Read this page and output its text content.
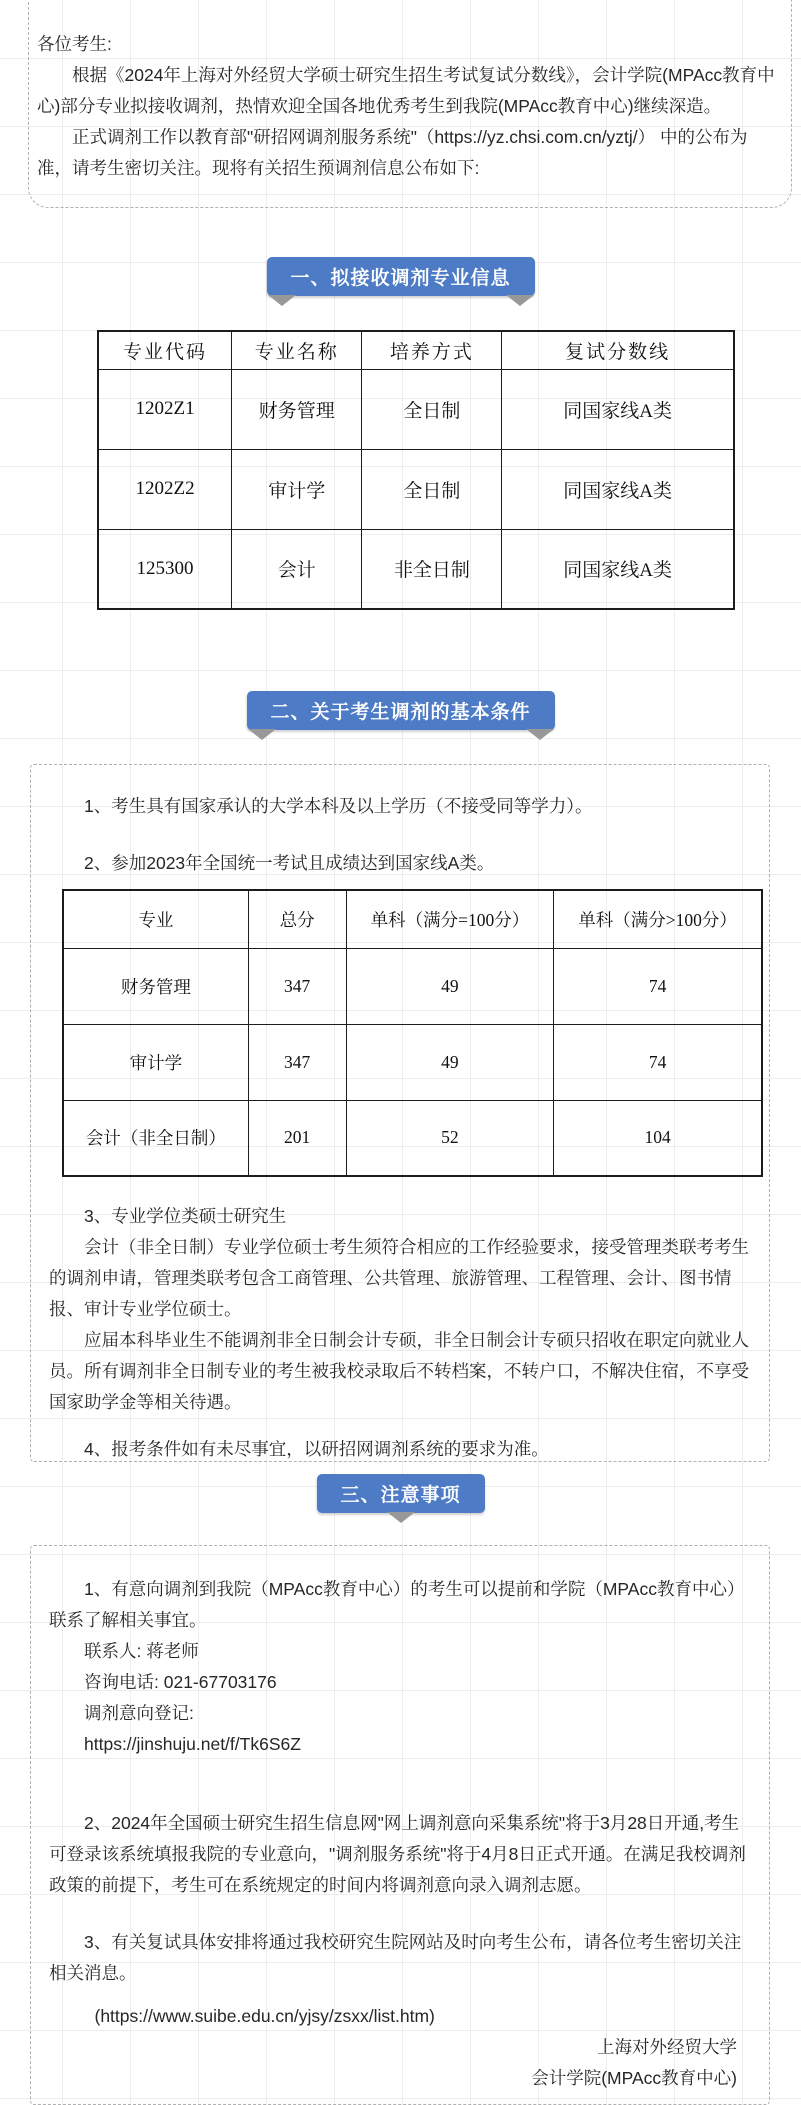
各位考生:

根据《2024年上海对外经贸大学硕士研究生招生考试复试分数线》，会计学院(MPAcc教育中心)部分专业拟接收调剂，热情欢迎全国各地优秀考生到我院(MPAcc教育中心)继续深造。

正式调剂工作以教育部"研招网调剂服务系统"（https://yz.chsi.com.cn/yztj/） 中的公布为准，请考生密切关注。现将有关招生预调剂信息公布如下:

一、拟接收调剂专业信息
专业代码	专业名称	培养方式	复试分数线
1202Z1	财务管理	全日制	同国家线A类
1202Z2	审计学	全日制	同国家线A类
125300	会计	非全日制	同国家线A类
二、关于考生调剂的基本条件

1、考生具有国家承认的大学本科及以上学历（不接受同等学力）。

2、参加2023年全国统一考试且成绩达到国家线A类。

专业	总分	单科（满分=100分）	单科（满分>100分）
财务管理	347	49	74
审计学	347	49	74
会计（非全日制）	201	52	104

3、专业学位类硕士研究生

会计（非全日制）专业学位硕士考生须符合相应的工作经验要求，接受管理类联考考生的调剂申请，管理类联考包含工商管理、公共管理、旅游管理、工程管理、会计、图书情报、审计专业学位硕士。

应届本科毕业生不能调剂非全日制会计专硕，非全日制会计专硕只招收在职定向就业人员。所有调剂非全日制专业的考生被我校录取后不转档案，不转户口，不解决住宿，不享受国家助学金等相关待遇。

4、报考条件如有未尽事宜，以研招网调剂系统的要求为准。

三、注意事项

1、有意向调剂到我院（MPAcc教育中心）的考生可以提前和学院（MPAcc教育中心）联系了解相关事宜。

联系人: 蒋老师

咨询电话: 021-67703176

调剂意向登记:

https://jinshuju.net/f/Tk6S6Z

2、2024年全国硕士研究生招生信息网"网上调剂意向采集系统"将于3月28日开通,考生可登录该系统填报我院的专业意向，"调剂服务系统"将于4月8日正式开通。在满足我校调剂政策的前提下，考生可在系统规定的时间内将调剂意向录入调剂志愿。

3、有关复试具体安排将通过我校研究生院网站及时向考生公布，请各位考生密切关注相关消息。

(https://www.suibe.edu.cn/yjsy/zsxx/list.htm)

上海对外经贸大学

会计学院(MPAcc教育中心)
